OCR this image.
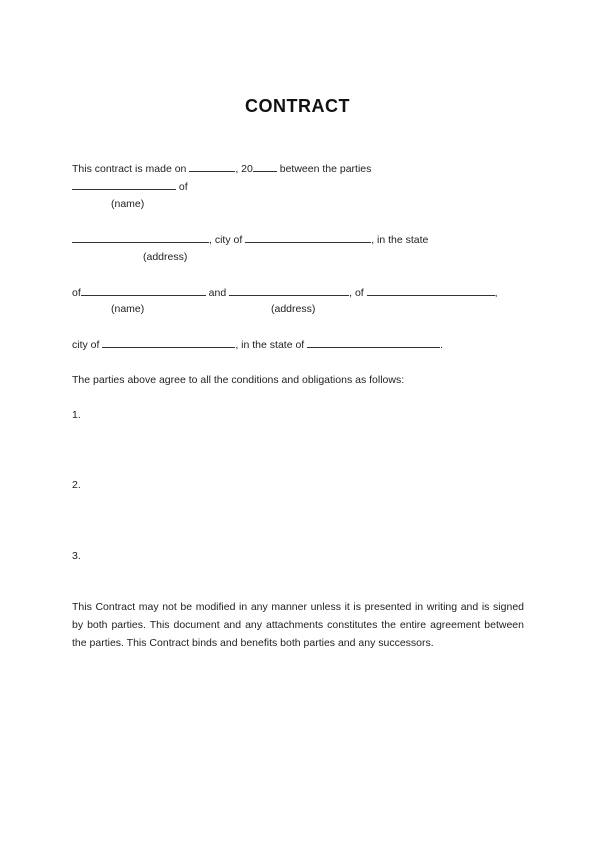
CONTRACT
This contract is made on	, 20 between the parties
of
(name)
, city of	, in the state
(address)
of	and	, of	,
(name)	(address)
city of	, in the state of	.
The parties above agree to all the conditions and obligations as follows:
1.
2.
3.
This Contract may not be modified in any manner unless it is presented in writing and is signed by both parties. This document and any attachments constitutes the entire agreement between the parties. This Contract binds and benefits both parties and any successors.
